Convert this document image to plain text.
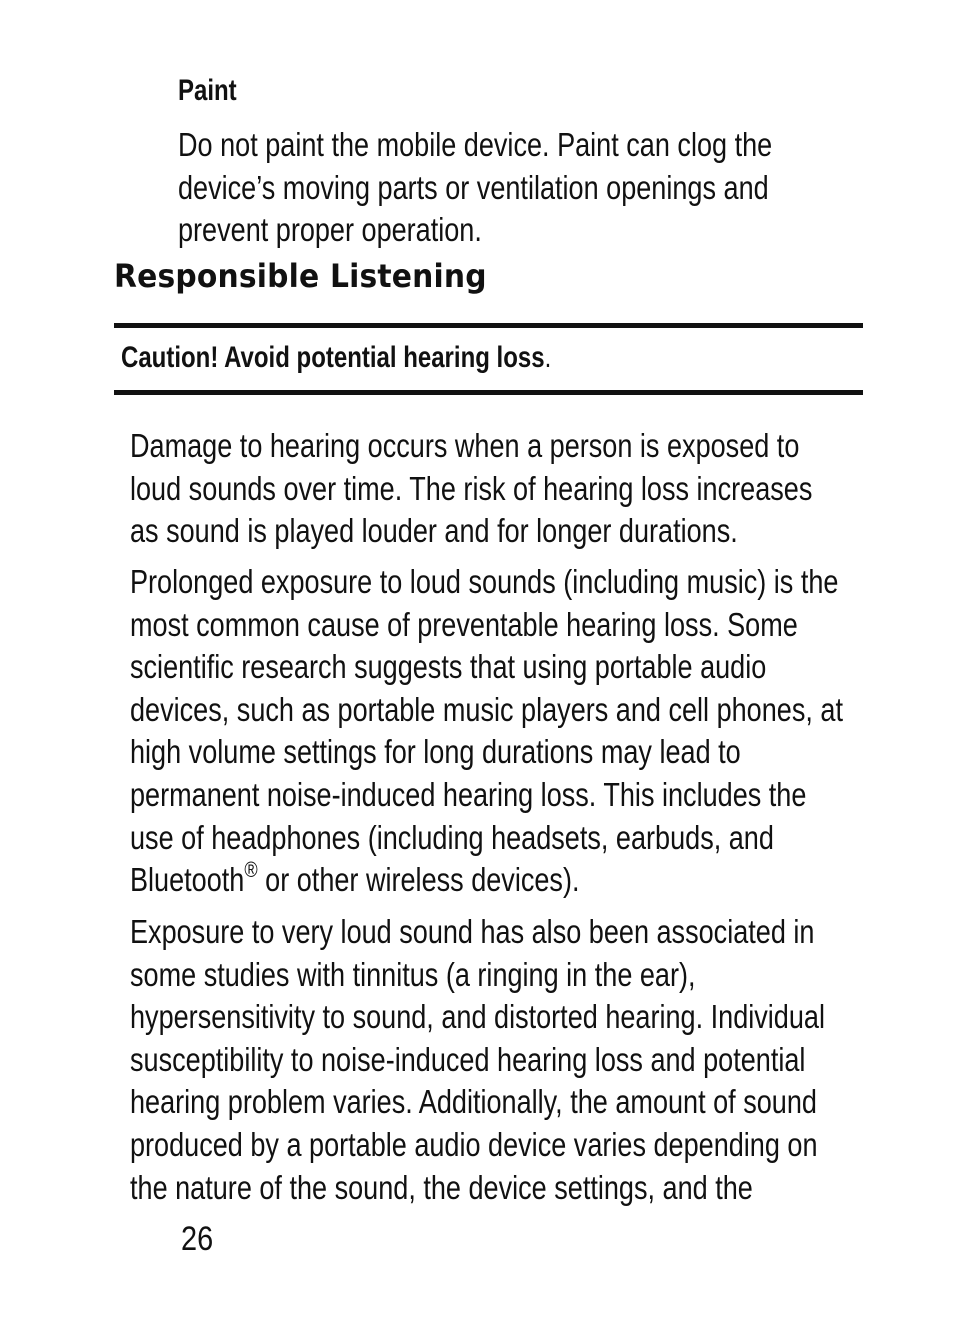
Paint

Do not paint the mobile device. Paint can clog the
device’s moving parts or ventilation openings and
prevent proper operation.

Responsible Listening

Caution! Avoid potential hearing loss.

Damage to hearing occurs when a person is exposed to
loud sounds over time. The risk of hearing loss increases
as sound is played louder and for longer durations.

Prolonged exposure to loud sounds (including music) is the
most common cause of preventable hearing loss. Some
scientific research suggests that using portable audio
devices, such as portable music players and cell phones, at
high volume settings for long durations may lead to
permanent noise-induced hearing loss. This includes the
use of headphones (including headsets, earbuds, and
Bluetooth® or other wireless devices).

Exposure to very loud sound has also been associated in
some studies with tinnitus (a ringing in the ear),
hypersensitivity to sound, and distorted hearing. Individual
susceptibility to noise-induced hearing loss and potential
hearing problem varies. Additionally, the amount of sound
produced by a portable audio device varies depending on
the nature of the sound, the device settings, and the

26
